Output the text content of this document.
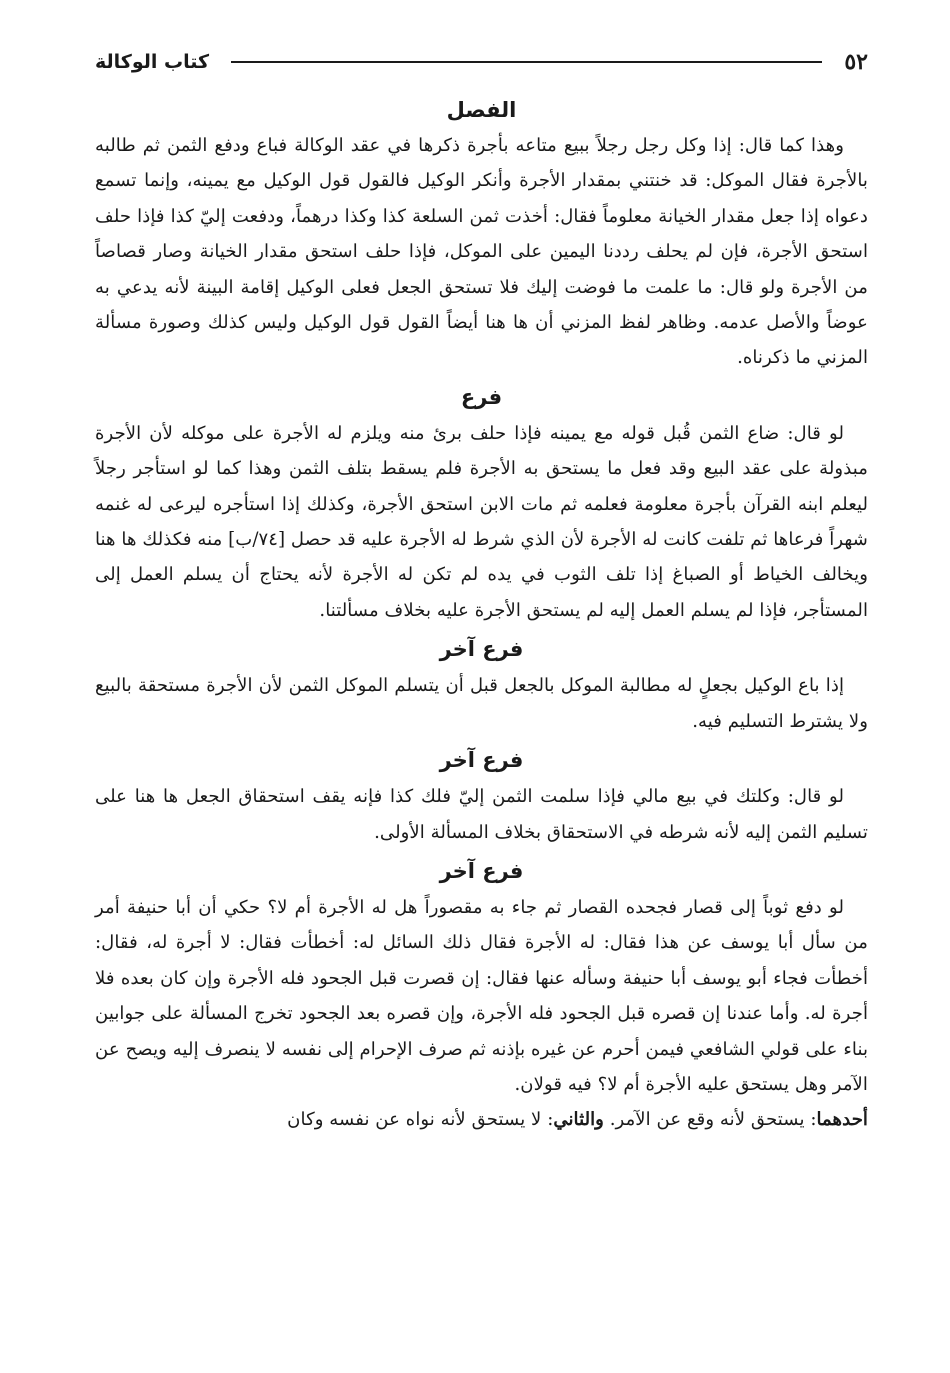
٥٢
كتاب الوكالة
الفصل

وهذا كما قال: إذا وكل رجل رجلاً ببيع متاعه بأجرة ذكرها في عقد الوكالة فباع ودفع الثمن ثم طالبه بالأجرة فقال الموكل: قد خنتني بمقدار الأجرة وأنكر الوكيل فالقول قول الوكيل مع يمينه، وإنما تسمع دعواه إذا جعل مقدار الخيانة معلوماً فقال: أخذت ثمن السلعة كذا وكذا درهماً، ودفعت إليّ كذا فإذا حلف استحق الأجرة، فإن لم يحلف رددنا اليمين على الموكل، فإذا حلف استحق مقدار الخيانة وصار قصاصاً من الأجرة ولو قال: ما علمت ما فوضت إليك فلا تستحق الجعل فعلى الوكيل إقامة البينة لأنه يدعي به عوضاً والأصل عدمه. وظاهر لفظ المزني أن ها هنا أيضاً القول قول الوكيل وليس كذلك وصورة مسألة المزني ما ذكرناه.

فرع

لو قال: ضاع الثمن قُبل قوله مع يمينه فإذا حلف برئ منه ويلزم له الأجرة على موكله لأن الأجرة مبذولة على عقد البيع وقد فعل ما يستحق به الأجرة فلم يسقط بتلف الثمن وهذا كما لو استأجر رجلاً ليعلم ابنه القرآن بأجرة معلومة فعلمه ثم مات الابن استحق الأجرة، وكذلك إذا استأجره ليرعى له غنمه شهراً فرعاها ثم تلفت كانت له الأجرة لأن الذي شرط له الأجرة عليه قد حصل [٧٤/ب] منه فكذلك ها هنا ويخالف الخياط أو الصباغ إذا تلف الثوب في يده لم تكن له الأجرة لأنه يحتاج أن يسلم العمل إلى المستأجر، فإذا لم يسلم العمل إليه لم يستحق الأجرة عليه بخلاف مسألتنا.

فرع آخر

إذا باع الوكيل بجعلٍ له مطالبة الموكل بالجعل قبل أن يتسلم الموكل الثمن لأن الأجرة مستحقة بالبيع ولا يشترط التسليم فيه.

فرع آخر

لو قال: وكلتك في بيع مالي فإذا سلمت الثمن إليّ فلك كذا فإنه يقف استحقاق الجعل ها هنا على تسليم الثمن إليه لأنه شرطه في الاستحقاق بخلاف المسألة الأولى.

فرع آخر

لو دفع ثوباً إلى قصار فجحده القصار ثم جاء به مقصوراً هل له الأجرة أم لا؟ حكي أن أبا حنيفة أمر من سأل أبا يوسف عن هذا فقال: له الأجرة فقال ذلك السائل له: أخطأت فقال: لا أجرة له، فقال: أخطأت فجاء أبو يوسف أبا حنيفة وسأله عنها فقال: إن قصرت قبل الجحود فله الأجرة وإن كان بعده فلا أجرة له. وأما عندنا إن قصره قبل الجحود فله الأجرة، وإن قصره بعد الجحود تخرج المسألة على جوابين بناء على قولي الشافعي فيمن أحرم عن غيره بإذنه ثم صرف الإحرام إلى نفسه لا ينصرف إليه ويصح عن الآمر وهل يستحق عليه الأجرة أم لا؟ فيه قولان.

أحدهما: يستحق لأنه وقع عن الآمر. والثاني: لا يستحق لأنه نواه عن نفسه وكان
